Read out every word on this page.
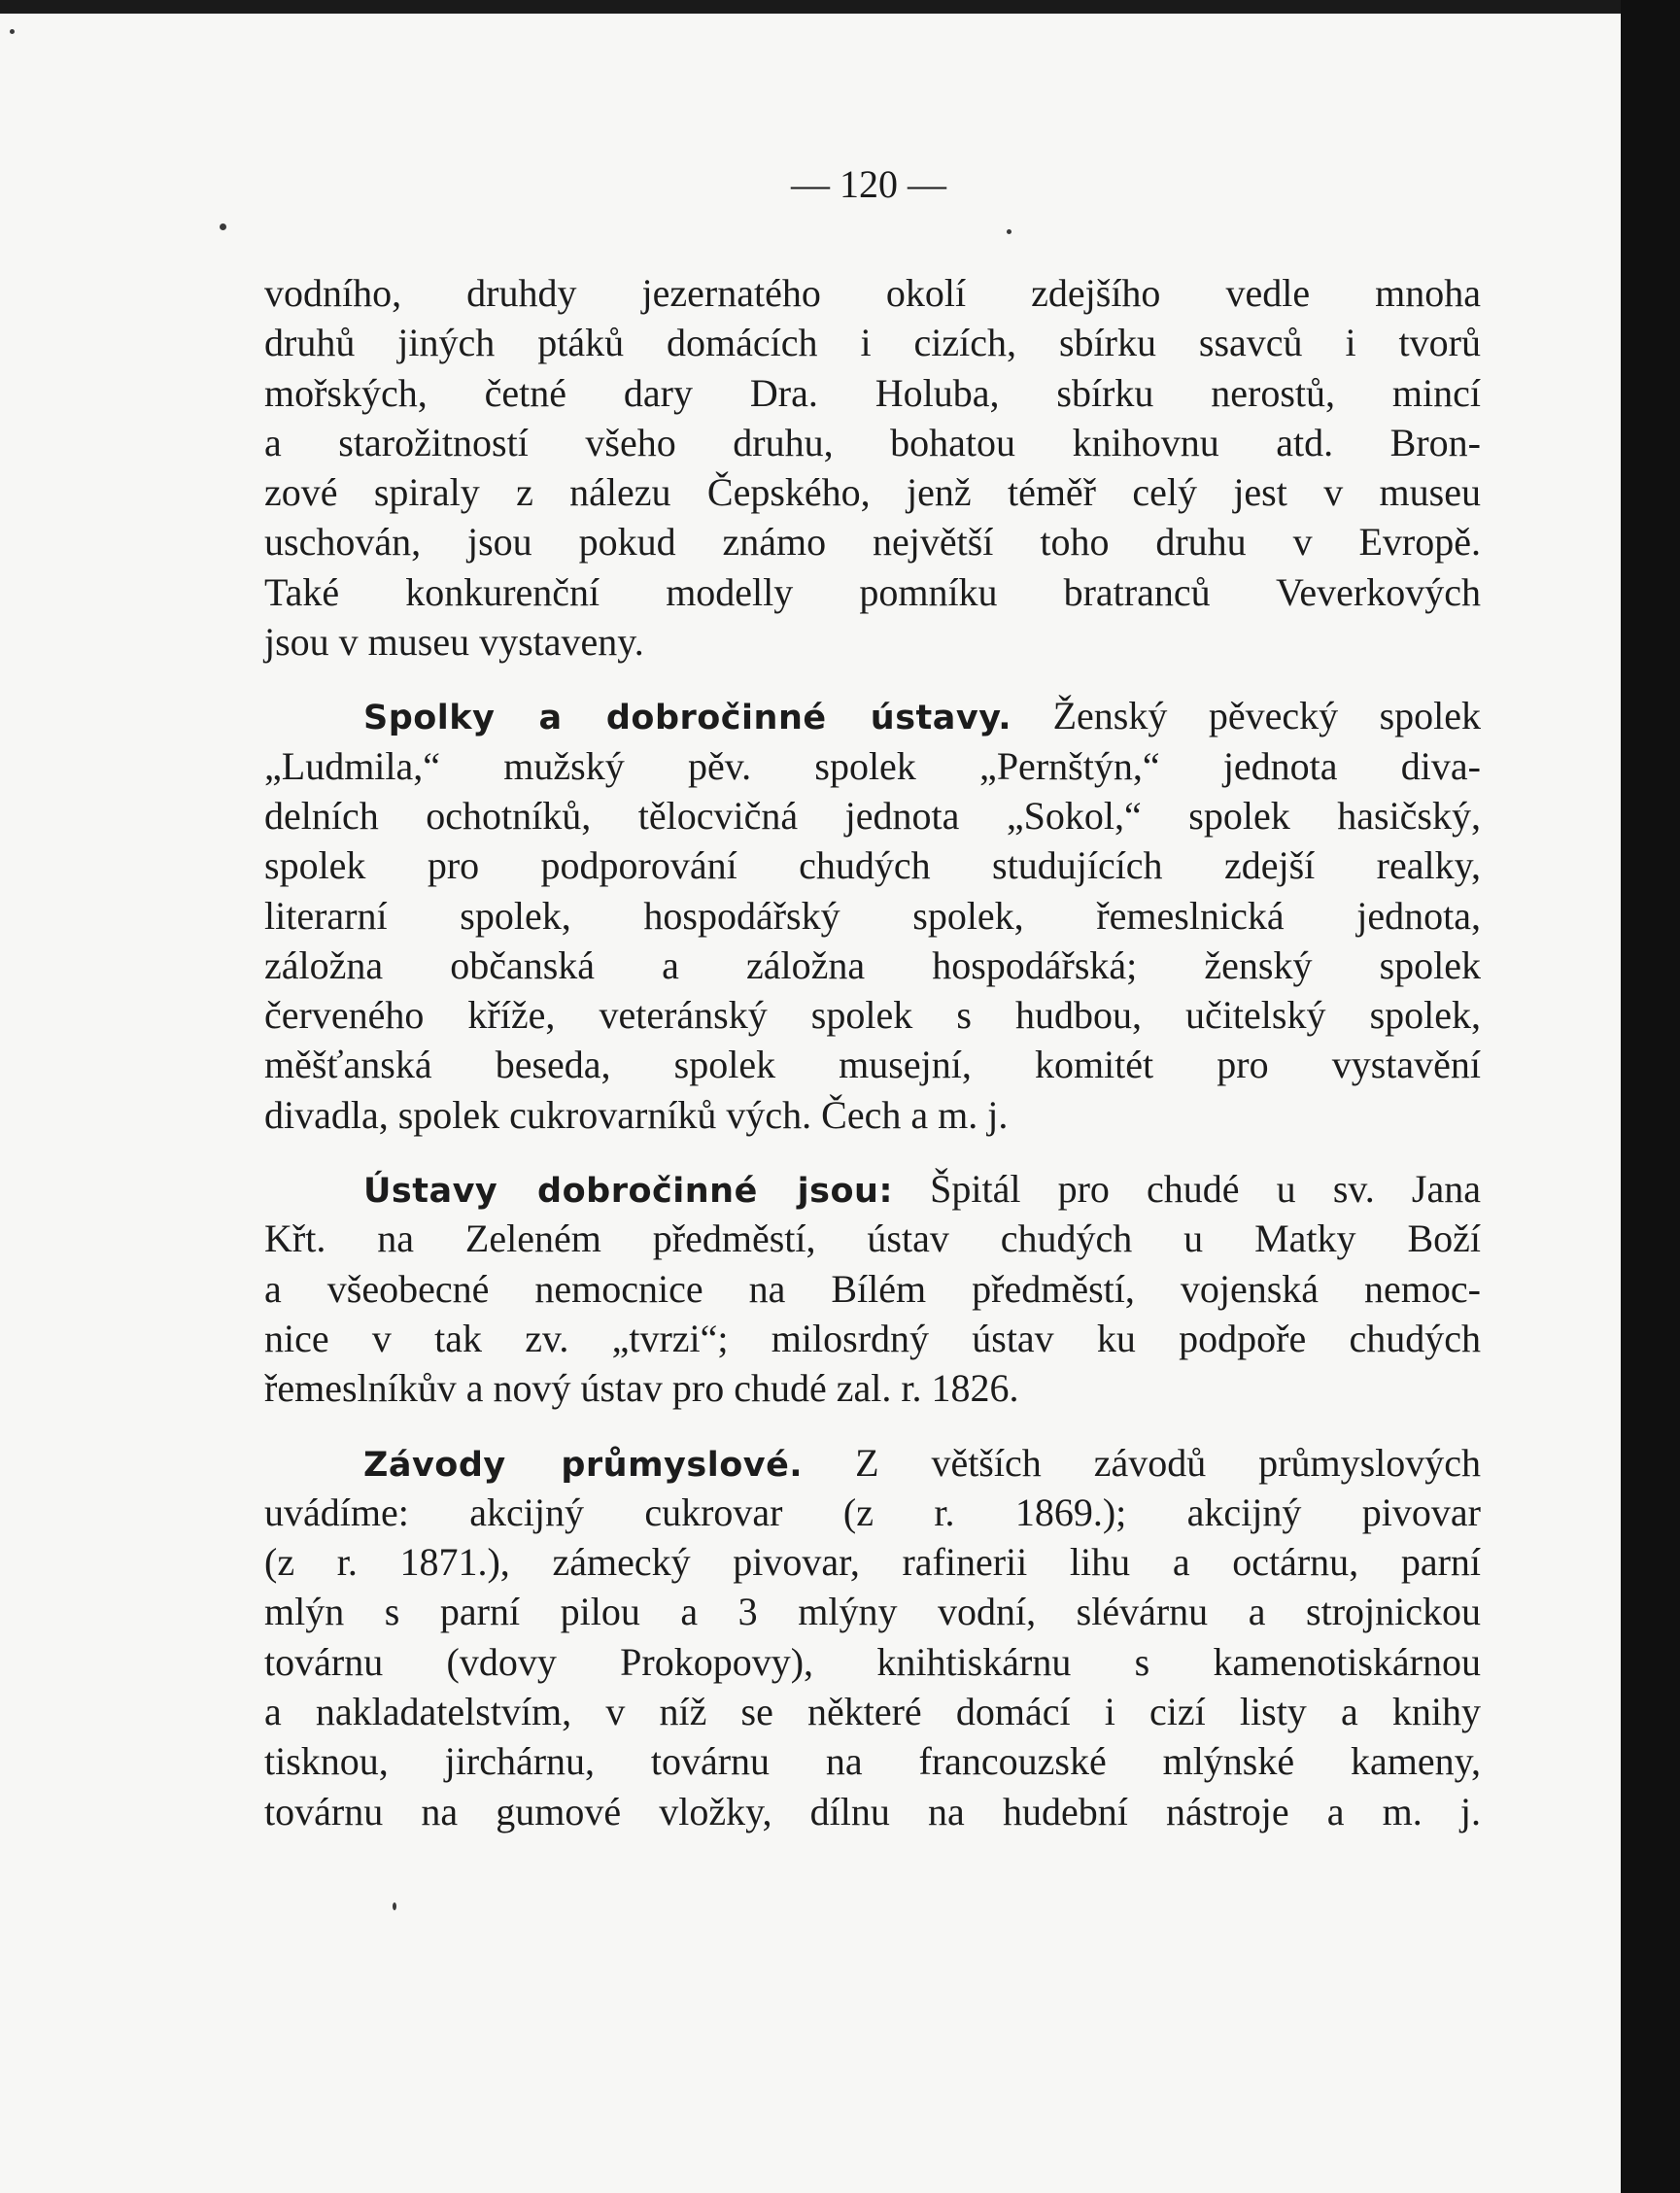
— 120 —
vodního, druhdy jezernatého okolí zdejšího vedle mnoha
druhů jiných ptáků domácích i cizích, sbírku ssavců i tvorů
mořských, četné dary Dra. Holuba, sbírku nerostů, mincí
a starožitností všeho druhu, bohatou knihovnu atd. Bron-
zové spiraly z nálezu Čepského, jenž téměř celý jest v museu
uschován, jsou pokud známo největší toho druhu v Evropě.
Také konkurenční modelly pomníku bratranců Veverkových
jsou v museu vystaveny.
Spolky a dobročinné ústavy. Ženský pěvecký spolek
„Ludmila,“ mužský pěv. spolek „Pernštýn,“ jednota diva-
delních ochotníků, tělocvičná jednota „Sokol,“ spolek hasičský,
spolek pro podporování chudých studujících zdejší realky,
literarní spolek, hospodářský spolek, řemeslnická jednota,
záložna občanská a záložna hospodářská; ženský spolek
červeného kříže, veteránský spolek s hudbou, učitelský spolek,
měšťanská beseda, spolek musejní, komitét pro vystavění
divadla, spolek cukrovarníků vých. Čech a m. j.
Ústavy dobročinné jsou: Špitál pro chudé u sv. Jana
Křt. na Zeleném předměstí, ústav chudých u Matky Boží
a všeobecné nemocnice na Bílém předměstí, vojenská nemoc-
nice v tak zv. „tvrzi“; milosrdný ústav ku podpoře chudých
řemeslníkův a nový ústav pro chudé zal. r. 1826.
Závody průmyslové. Z větších závodů průmyslových
uvádíme: akcijný cukrovar (z r. 1869.); akcijný pivovar
(z r. 1871.), zámecký pivovar, rafinerii lihu a octárnu, parní
mlýn s parní pilou a 3 mlýny vodní, slévárnu a strojnickou
továrnu (vdovy Prokopovy), knihtiskárnu s kamenotiskárnou
a nakladatelstvím, v níž se některé domácí i cizí listy a knihy
tisknou, jirchárnu, továrnu na francouzské mlýnské kameny,
továrnu na gumové vložky, dílnu na hudební nástroje a m. j.
